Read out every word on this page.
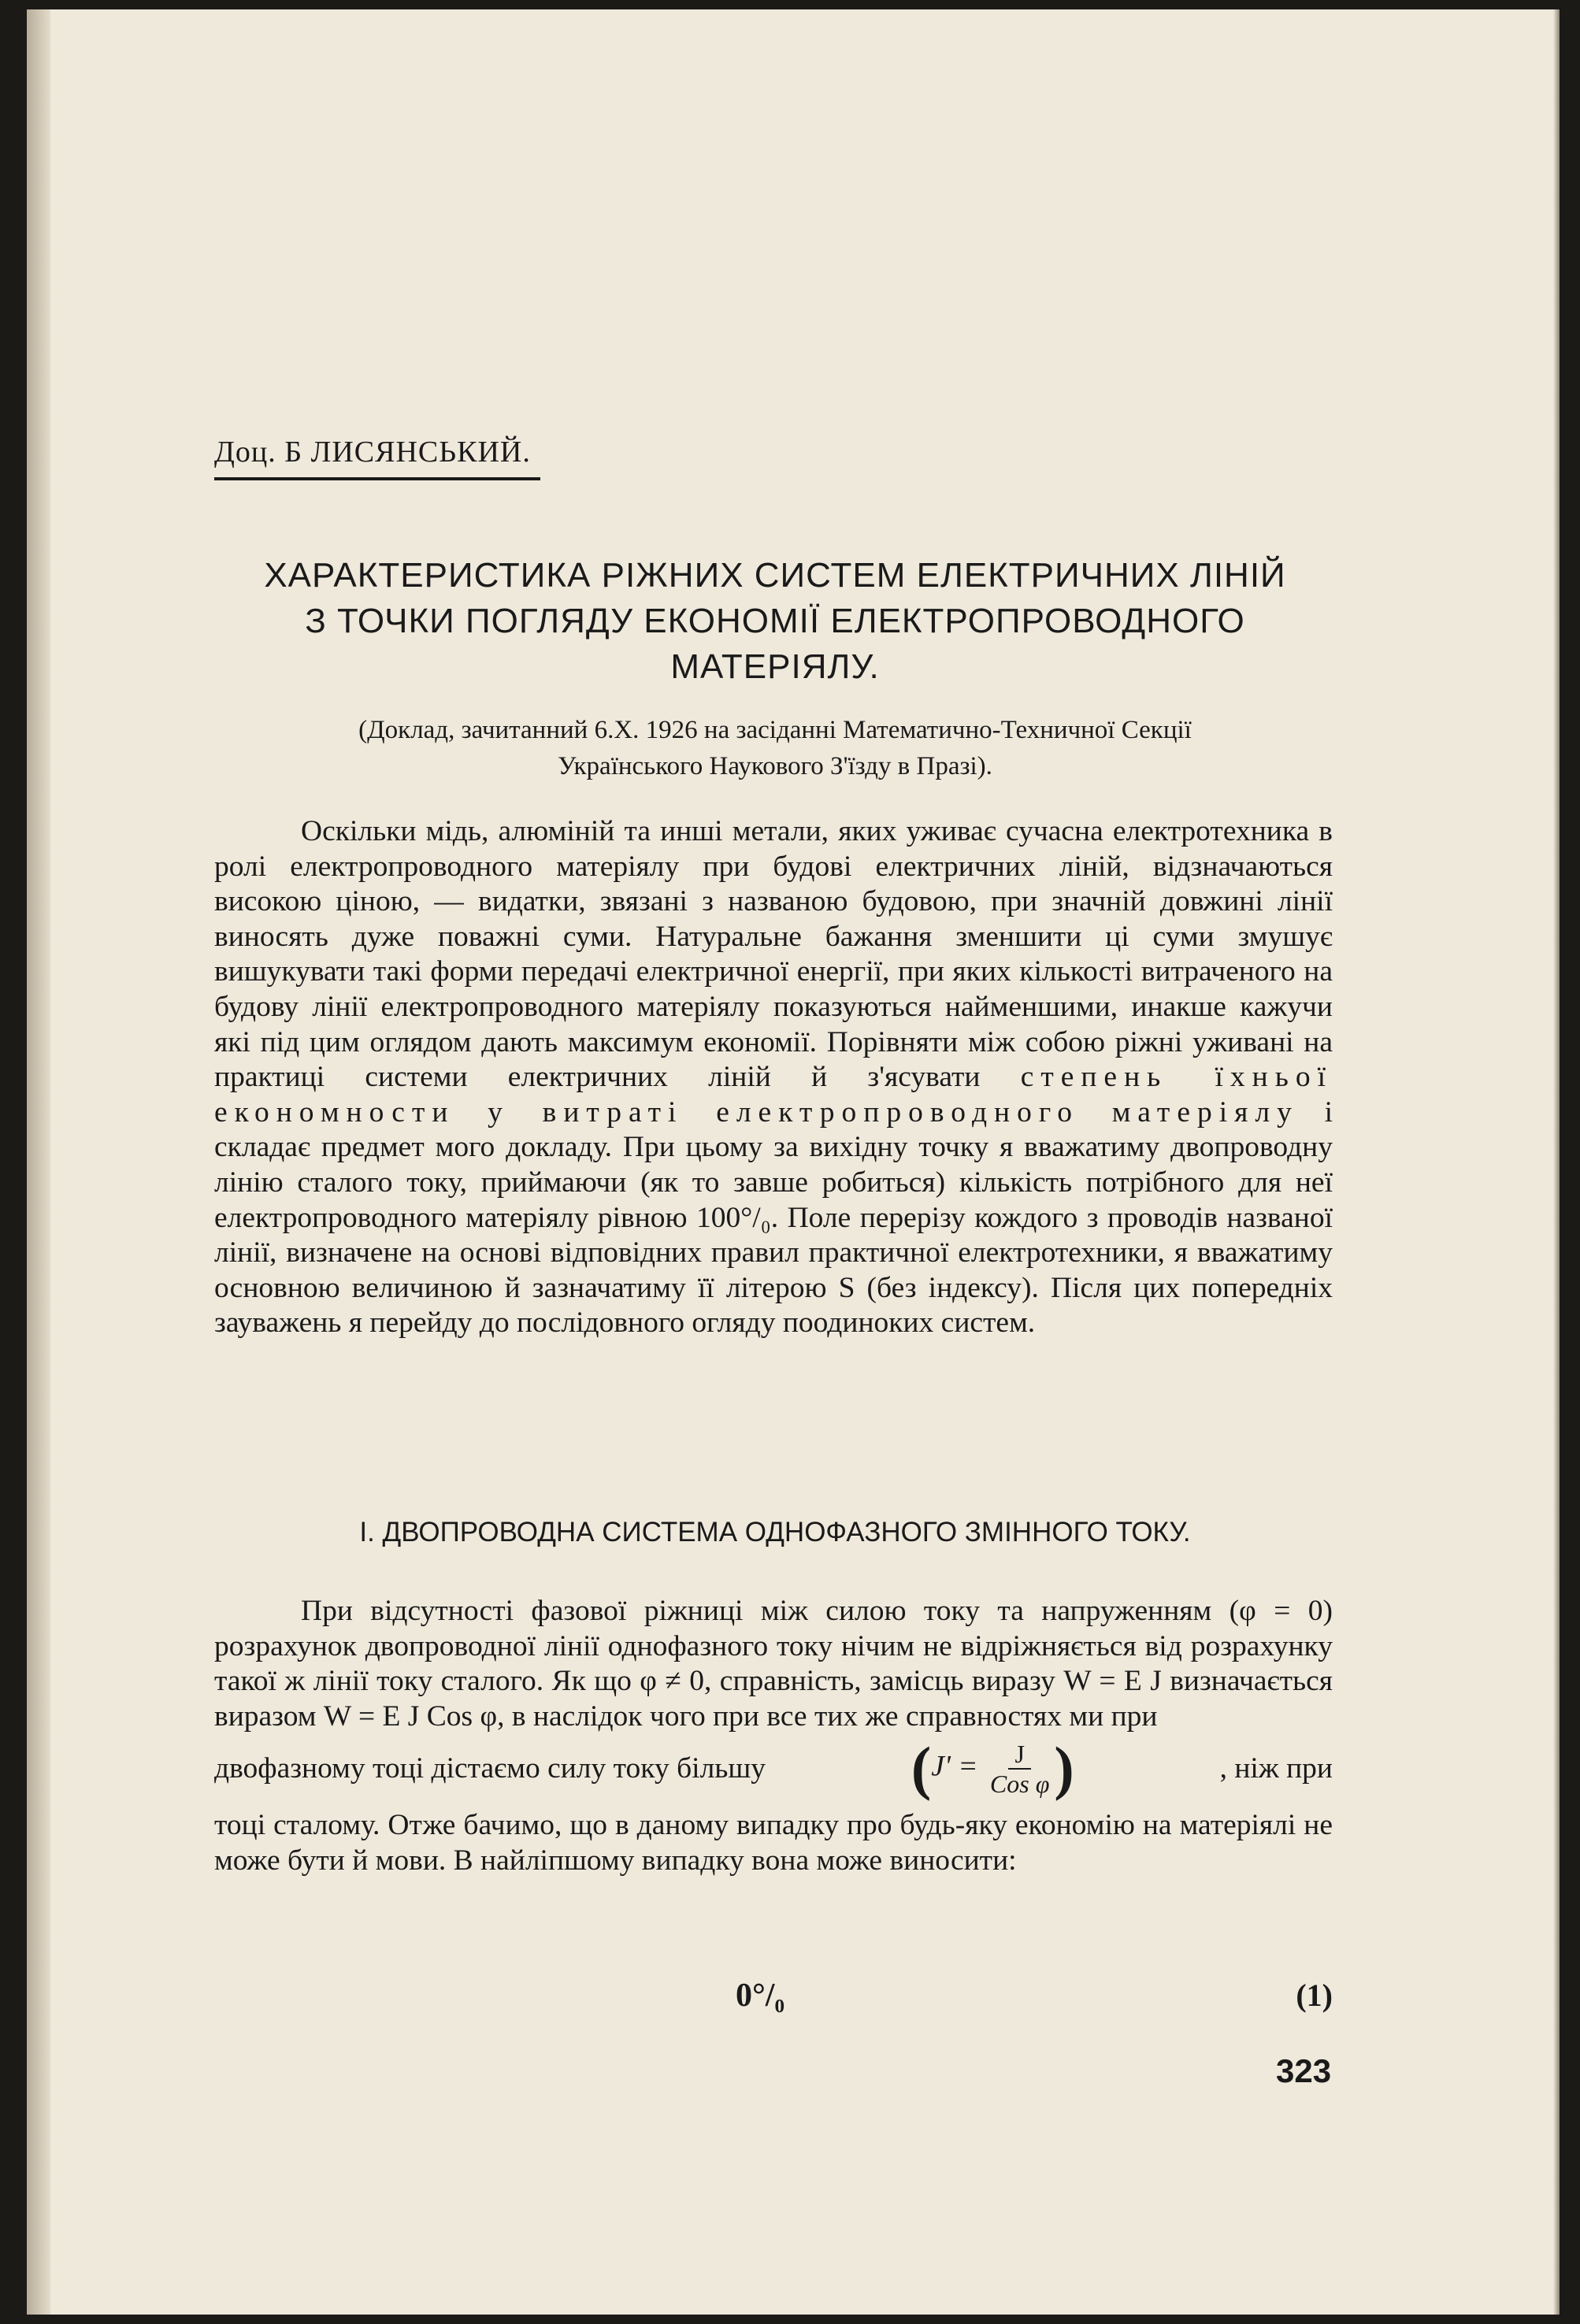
Доц. Б ЛИСЯНСЬКИЙ.
ХАРАКТЕРИСТИКА РІЖНИХ СИСТЕМ ЕЛЕКТРИЧНИХ ЛІНІЙ
З ТОЧКИ ПОГЛЯДУ ЕКОНОМІЇ ЕЛЕКТРОПРОВОДНОГО
МАТЕРІЯЛУ.
(Доклад, зачитанний 6.X. 1926 на засіданні Математично-Техничної Секції
Українського Наукового З'їзду в Празі).

Оскільки мідь, алюміній та инші метали, яких уживає сучасна електротехника в ролі електропроводного матеріялу при будові електричних ліній, відзначаються високою ціною, — видатки, звязані з названою будовою, при значній довжині лінії виносять дуже поважні суми. Натуральне бажання зменшити ці суми змушує вишукувати такі форми передачі електричної енергії, при яких кількості витраченого на будову лінії електропроводного матеріялу показуються найменшими, инакше кажучи які під цим оглядом дають максимум економії. Порівняти між собою ріжні уживані на практиці системи електричних ліній й з'ясувати степень їхньої економности у витраті електропроводного матеріялу і складає предмет мого докладу. При цьому за вихідну точку я вважатиму двопроводну лінію сталого току, приймаючи (як то завше робиться) кількість потрібного для неї електропроводного матеріялу рівною 100°/₀. Поле перерізу кождого з проводів названої лінії, визначене на основі відповідних правил практичної електротехники, я вважатиму основною величиною й зазначатиму її літерою S (без індексу). Після цих попередніх зауважень я перейду до послідовного огляду поодиноких систем.

I. ДВОПРОВОДНА СИСТЕМА ОДНОФАЗНОГО ЗМІННОГО ТОКУ.

При відсутності фазової ріжниці між силою току та напруженням (φ = 0) розрахунок двопроводної лінії однофазного току нічим не відріжняється від розрахунку такої ж лінії току сталого. Як що φ ≠ 0, справність, замісць виразу W = E J визначається виразом W = E J Cos φ, в наслідок чого при все тих же справностях ми при

двофазному тоці дістаємо силу току більшу ($J' = \frac{J}{\text{Cos φ}}$ )	, ніж при

тоці сталому. Отже бачимо, що в даному випадку про будь-яку економію на матеріялі не може бути й мови. В найліпшому випадку вона може виносити:

0°/₀	(1)
323
